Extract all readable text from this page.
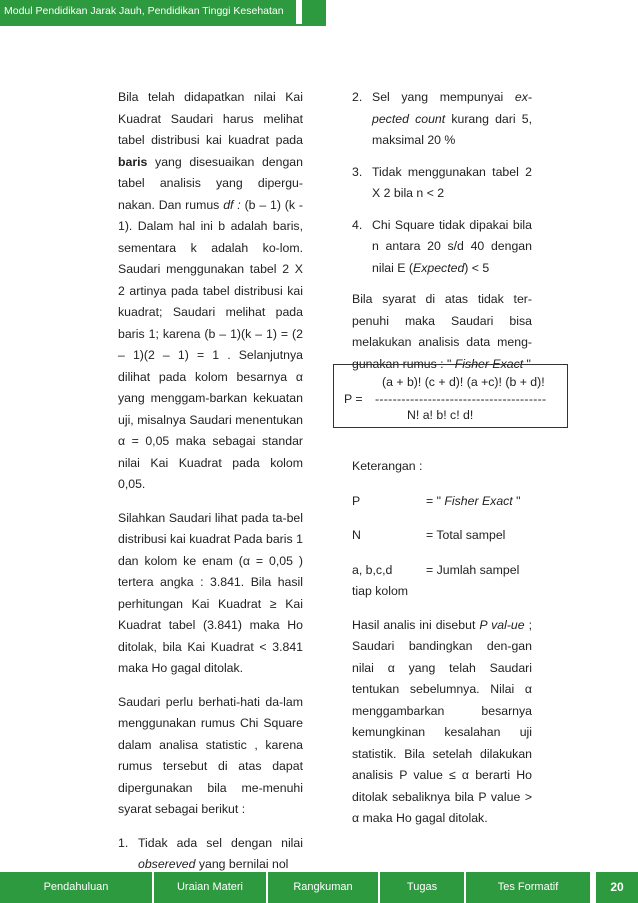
Modul Pendidikan Jarak Jauh, Pendidikan Tinggi Kesehatan

Bila telah didapatkan nilai Kai Kuadrat Saudari harus melihat tabel distribusi kai kuadrat pada baris yang disesuaikan dengan tabel analisis yang dipergu-nakan. Dan rumus df : (b – 1) (k - 1). Dalam hal ini b adalah baris, sementara k adalah ko-lom. Saudari menggunakan tabel 2 X 2 artinya pada tabel distribusi kai kuadrat; Saudari melihat pada baris 1; karena (b – 1)(k – 1) = (2 – 1)(2 – 1) = 1 . Selanjutnya dilihat pada kolom besarnya α yang menggam-barkan kekuatan uji, misalnya Saudari menentukan α = 0,05 maka sebagai standar nilai Kai Kuadrat pada kolom 0,05.

Silahkan Saudari lihat pada ta-bel distribusi kai kuadrat Pada baris 1 dan kolom ke enam (α = 0,05 ) tertera angka : 3.841. Bila hasil perhitungan Kai Kuadrat ≥ Kai Kuadrat tabel (3.841) maka Ho ditolak, bila Kai Kuadrat < 3.841 maka Ho gagal ditolak.

Saudari perlu berhati-hati da-lam menggunakan rumus Chi Square dalam analisa statistic , karena rumus tersebut di atas dapat dipergunakan bila me-menuhi syarat sebagai berikut :

1. Tidak ada sel dengan nilai obsereved yang bernilai nol
2. Sel yang mempunyai ex-pected count kurang dari 5, maksimal 20 %
3. Tidak menggunakan tabel 2 X 2 bila n < 2
4. Chi Square tidak dipakai bila n antara 20 s/d 40 dengan nilai E (Expected) < 5

Bila syarat di atas tidak ter-penuhi maka Saudari bisa melakukan analisis data meng-gunakan rumus : " Fisher Exact "

(a + b)! (c + d)! (a +c)! (b + d)!
P = ---------------------------------------
N! a! b! c! d!
Keterangan :
P	= " Fisher Exact "
N	= Total sampel
a, b,c,d	= Jumlah sampel
tiap kolom

Hasil analis ini disebut P val-ue ; Saudari bandingkan den-gan nilai α yang telah Saudari tentukan sebelumnya. Nilai α menggambarkan besarnya kemungkinan kesalahan uji statistik. Bila setelah dilakukan analisis P value ≤ α berarti Ho ditolak sebaliknya bila P value > α maka Ho gagal ditolak.

Pendahuluan	Uraian Materi	Rangkuman	Tugas	Tes Formatif	20
